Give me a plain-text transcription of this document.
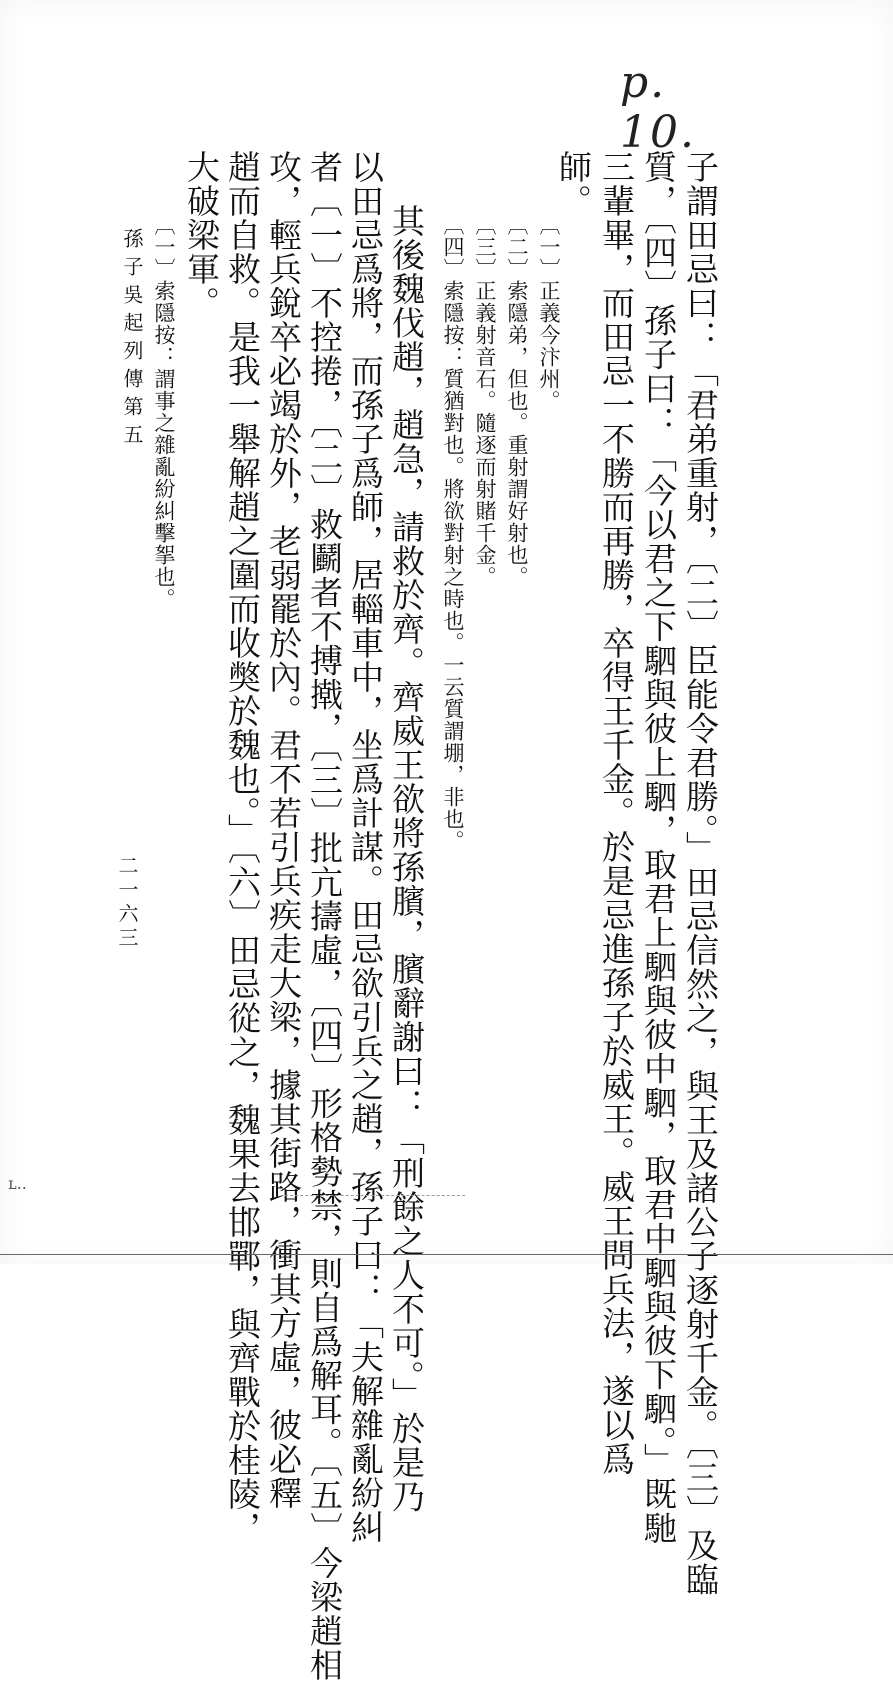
p. 10.
子謂田忌曰：「君弟重射，〔二〕臣能令君勝。」田忌信然之，與王及諸公子逐射千金。〔三〕及臨
質，〔四〕孫子曰：「今以君之下駟與彼上駟，取君上駟與彼中駟，取君中駟與彼下駟。」既馳
三輩畢，而田忌一不勝而再勝，卒得王千金。於是忌進孫子於威王。威王問兵法，遂以爲
師。
〔一〕正義今汴州。
〔二〕索隱弟，但也。重射謂好射也。
〔三〕正義射音石。隨逐而射賭千金。
〔四〕索隱按：質猶對也。將欲對射之時也。一云質謂堋，非也。
其後魏伐趙，趙急，請救於齊。齊威王欲將孫臏，臏辭謝曰：「刑餘之人不可。」於是乃
以田忌爲將，而孫子爲師，居輜車中，坐爲計謀。田忌欲引兵之趙，孫子曰：「夫解雜亂紛糾
者〔一〕不控捲，〔二〕救鬬者不搏撠，〔三〕批亢擣虛，〔四〕形格勢禁，則自爲解耳。〔五〕今梁趙相
攻，輕兵銳卒必竭於外，老弱罷於內。君不若引兵疾走大梁，據其街路，衝其方虛，彼必釋
趙而自救。是我一舉解趙之圍而收獘於魏也。」〔六〕田忌從之，魏果去邯鄲，與齊戰於桂陵，
大破梁軍。
〔一〕索隱按：謂事之雜亂紛糾擊挐也。
孫子吳起列傳第五
二一六三
ʟ..
